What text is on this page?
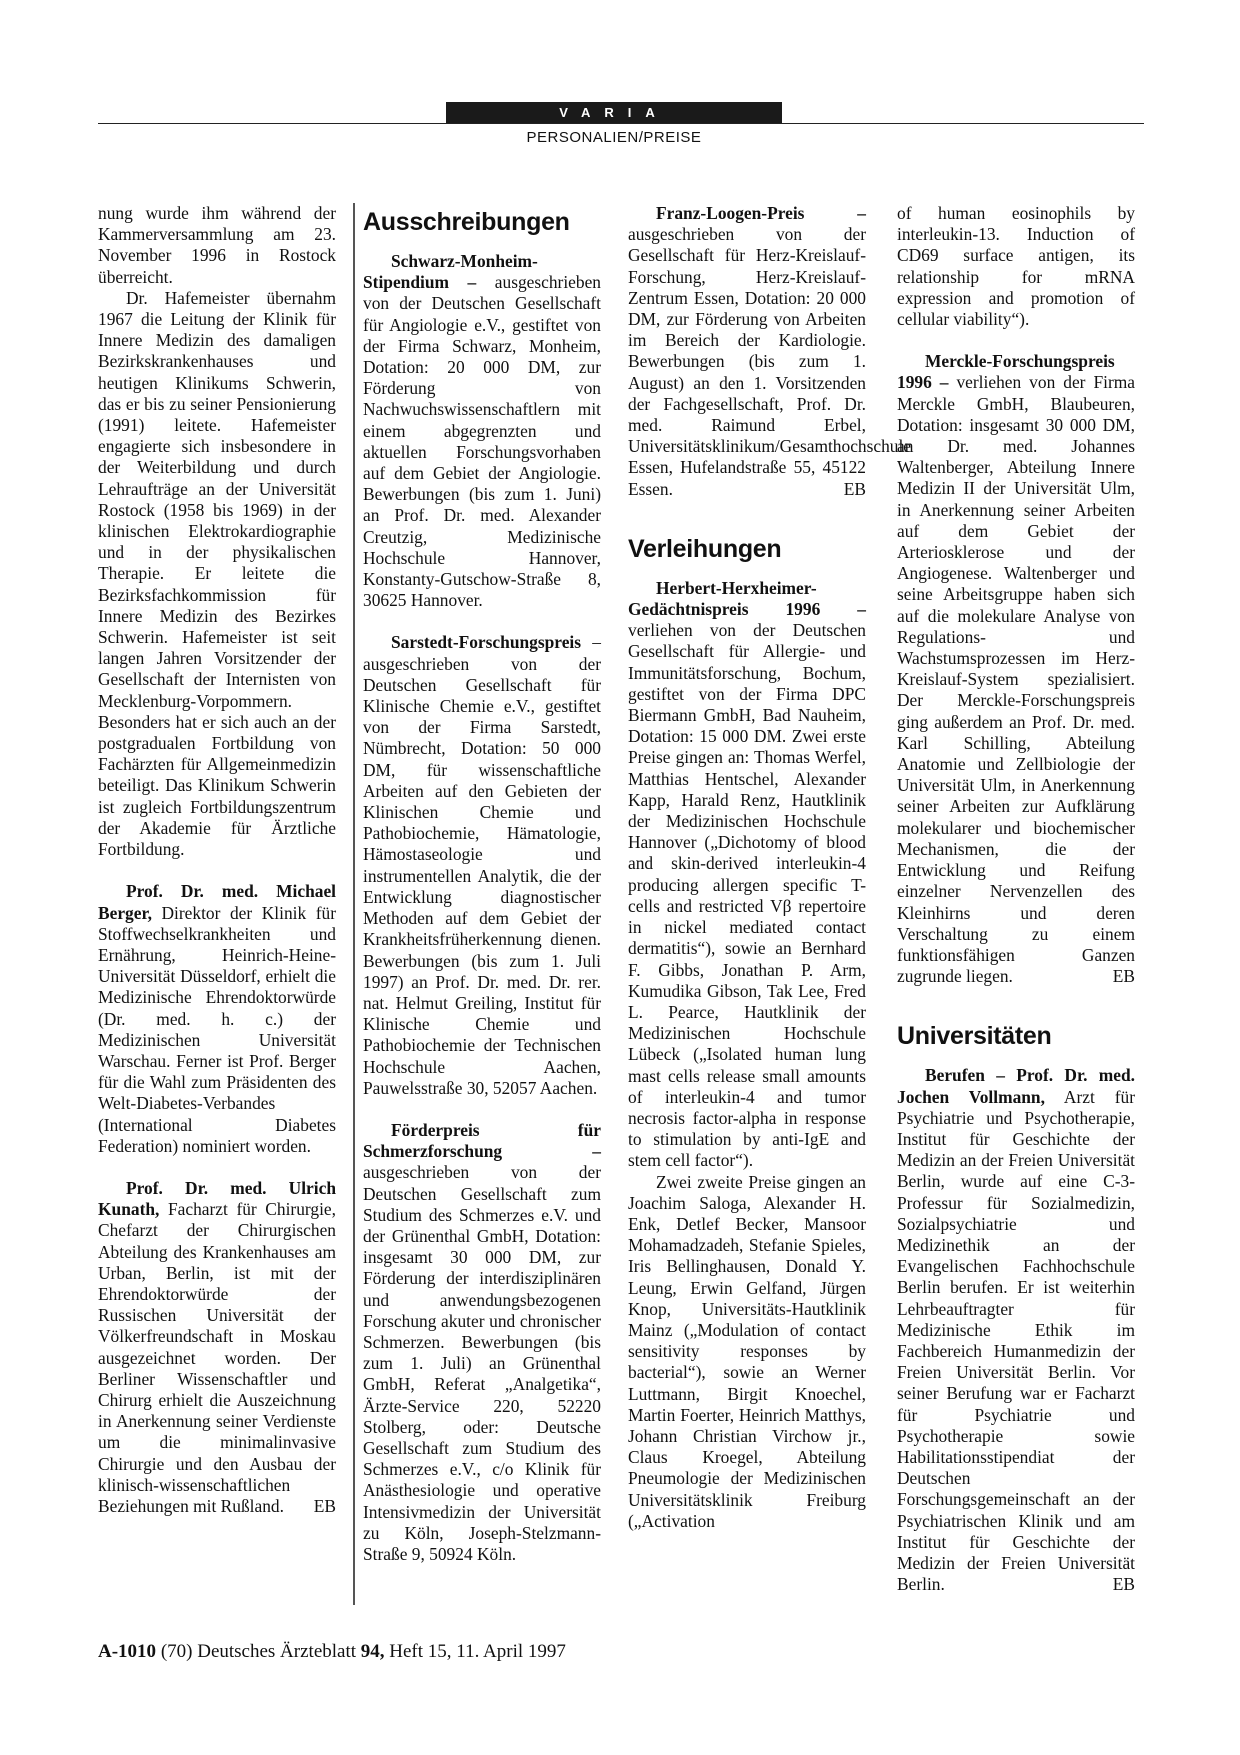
VARIA
PERSONALIEN/PREISE

nung wurde ihm während der Kammerversammlung am 23. November 1996 in Rostock überreicht.

Dr. Hafemeister übernahm 1967 die Leitung der Klinik für Innere Medizin des damaligen Bezirkskrankenhauses und heutigen Klinikums Schwerin, das er bis zu seiner Pensionierung (1991) leitete. Hafemeister engagierte sich insbesondere in der Weiterbildung und durch Lehraufträge an der Universität Rostock (1958 bis 1969) in der klinischen Elektrokardiographie und in der physikalischen Therapie. Er leitete die Bezirksfachkommission für Innere Medizin des Bezirkes Schwerin. Hafemeister ist seit langen Jahren Vorsitzender der Gesellschaft der Internisten von Mecklenburg-Vorpommern. Besonders hat er sich auch an der postgradualen Fortbildung von Fachärzten für Allgemeinmedizin beteiligt. Das Klinikum Schwerin ist zugleich Fortbildungszentrum der Akademie für Ärztliche Fortbildung.

Prof. Dr. med. Michael Berger, Direktor der Klinik für Stoffwechselkrankheiten und Ernährung, Heinrich-Heine-Universität Düsseldorf, erhielt die Medizinische Ehrendoktorwürde (Dr. med. h. c.) der Medizinischen Universität Warschau. Ferner ist Prof. Berger für die Wahl zum Präsidenten des Welt-Diabetes-Verbandes (International Diabetes Federation) nominiert worden.

Prof. Dr. med. Ulrich Kunath, Facharzt für Chirurgie, Chefarzt der Chirurgischen Abteilung des Krankenhauses am Urban, Berlin, ist mit der Ehrendoktorwürde der Russischen Universität der Völkerfreundschaft in Moskau ausgezeichnet worden. Der Berliner Wissenschaftler und Chirurg erhielt die Auszeichnung in Anerkennung seiner Verdienste um die minimalinvasive Chirurgie und den Ausbau der klinisch-wissenschaftlichen Beziehungen mit Rußland.	EB

Ausschreibungen

Schwarz-Monheim-Stipendium – ausgeschrieben von der Deutschen Gesellschaft für Angiologie e.V., gestiftet von der Firma Schwarz, Monheim, Dotation: 20 000 DM, zur Förderung von Nachwuchswissenschaftlern mit einem abgegrenzten und aktuellen Forschungsvorhaben auf dem Gebiet der Angiologie. Bewerbungen (bis zum 1. Juni) an Prof. Dr. med. Alexander Creutzig, Medizinische Hochschule Hannover, Konstanty-Gutschow-Straße 8, 30625 Hannover.

Sarstedt-Forschungspreis – ausgeschrieben von der Deutschen Gesellschaft für Klinische Chemie e.V., gestiftet von der Firma Sarstedt, Nümbrecht, Dotation: 50 000 DM, für wissenschaftliche Arbeiten auf den Gebieten der Klinischen Chemie und Pathobiochemie, Hämatologie, Hämostaseologie und instrumentellen Analytik, die der Entwicklung diagnostischer Methoden auf dem Gebiet der Krankheitsfrüherkennung dienen. Bewerbungen (bis zum 1. Juli 1997) an Prof. Dr. med. Dr. rer. nat. Helmut Greiling, Institut für Klinische Chemie und Pathobiochemie der Technischen Hochschule Aachen, Pauwelsstraße 30, 52057 Aachen.

Förderpreis für Schmerzforschung – ausgeschrieben von der Deutschen Gesellschaft zum Studium des Schmerzes e.V. und der Grünenthal GmbH, Dotation: insgesamt 30 000 DM, zur Förderung der interdisziplinären und anwendungsbezogenen Forschung akuter und chronischer Schmerzen. Bewerbungen (bis zum 1. Juli) an Grünenthal GmbH, Referat „Analgetika“, Ärzte-Service 220, 52220 Stolberg, oder: Deutsche Gesellschaft zum Studium des Schmerzes e.V., c/o Klinik für Anästhesiologie und operative Intensivmedizin der Universität zu Köln, Joseph-Stelzmann-Straße 9, 50924 Köln.

Franz-Loogen-Preis – ausgeschrieben von der Gesellschaft für Herz-Kreislauf-Forschung, Herz-Kreislauf-Zentrum Essen, Dotation: 20 000 DM, zur Förderung von Arbeiten im Bereich der Kardiologie. Bewerbungen (bis zum 1. August) an den 1. Vorsitzenden der Fachgesellschaft, Prof. Dr. med. Raimund Erbel, Universitätsklinikum/Gesamthochschule Essen, Hufelandstraße 55, 45122 Essen.	EB

Verleihungen

Herbert-Herxheimer-Gedächtnispreis 1996 – verliehen von der Deutschen Gesellschaft für Allergie- und Immunitätsforschung, Bochum, gestiftet von der Firma DPC Biermann GmbH, Bad Nauheim, Dotation: 15 000 DM. Zwei erste Preise gingen an: Thomas Werfel, Matthias Hentschel, Alexander Kapp, Harald Renz, Hautklinik der Medizinischen Hochschule Hannover („Dichotomy of blood and skin-derived interleukin-4 producing allergen specific T-cells and restricted Vβ repertoire in nickel mediated contact dermatitis“), sowie an Bernhard F. Gibbs, Jonathan P. Arm, Kumudika Gibson, Tak Lee, Fred L. Pearce, Hautklinik der Medizinischen Hochschule Lübeck („Isolated human lung mast cells release small amounts of interleukin-4 and tumor necrosis factor-alpha in response to stimulation by anti-IgE and stem cell factor“).

Zwei zweite Preise gingen an Joachim Saloga, Alexander H. Enk, Detlef Becker, Mansoor Mohamadzadeh, Stefanie Spieles, Iris Bellinghausen, Donald Y. Leung, Erwin Gelfand, Jürgen Knop, Universitäts-Hautklinik Mainz („Modulation of contact sensitivity responses by bacterial“), sowie an Werner Luttmann, Birgit Knoechel, Martin Foerter, Heinrich Matthys, Johann Christian Virchow jr., Claus Kroegel, Abteilung Pneumologie der Medizinischen Universitätsklinik Freiburg („Activation

of human eosinophils by interleukin-13. Induction of CD69 surface antigen, its relationship for mRNA expression and promotion of cellular viability“).

Merckle-Forschungspreis 1996 – verliehen von der Firma Merckle GmbH, Blaubeuren, Dotation: insgesamt 30 000 DM, an Dr. med. Johannes Waltenberger, Abteilung Innere Medizin II der Universität Ulm, in Anerkennung seiner Arbeiten auf dem Gebiet der Arteriosklerose und der Angiogenese. Waltenberger und seine Arbeitsgruppe haben sich auf die molekulare Analyse von Regulations- und Wachstumsprozessen im Herz-Kreislauf-System spezialisiert. Der Merckle-Forschungspreis ging außerdem an Prof. Dr. med. Karl Schilling, Abteilung Anatomie und Zellbiologie der Universität Ulm, in Anerkennung seiner Arbeiten zur Aufklärung molekularer und biochemischer Mechanismen, die der Entwicklung und Reifung einzelner Nervenzellen des Kleinhirns und deren Verschaltung zu einem funktionsfähigen Ganzen zugrunde liegen.	EB

Universitäten

Berufen – Prof. Dr. med. Jochen Vollmann, Arzt für Psychiatrie und Psychotherapie, Institut für Geschichte der Medizin an der Freien Universität Berlin, wurde auf eine C-3-Professur für Sozialmedizin, Sozialpsychiatrie und Medizinethik an der Evangelischen Fachhochschule Berlin berufen. Er ist weiterhin Lehrbeauftragter für Medizinische Ethik im Fachbereich Humanmedizin der Freien Universität Berlin. Vor seiner Berufung war er Facharzt für Psychiatrie und Psychotherapie sowie Habilitationsstipendiat der Deutschen Forschungsgemeinschaft an der Psychiatrischen Klinik und am Institut für Geschichte der Medizin der Freien Universität Berlin.	EB

A-1010 (70) Deutsches Ärzteblatt 94, Heft 15, 11. April 1997
